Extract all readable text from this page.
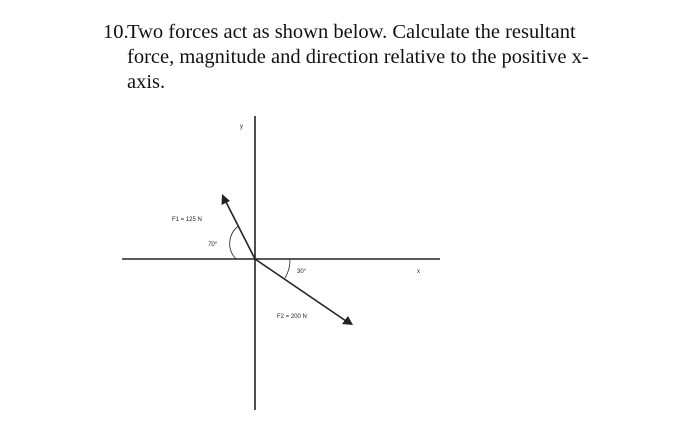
10.
Two forces act as shown below. Calculate the resultant
force, magnitude and direction relative to the positive x-
axis.
y
x
F1 = 125 N
70°
30°
F2 = 200 N
